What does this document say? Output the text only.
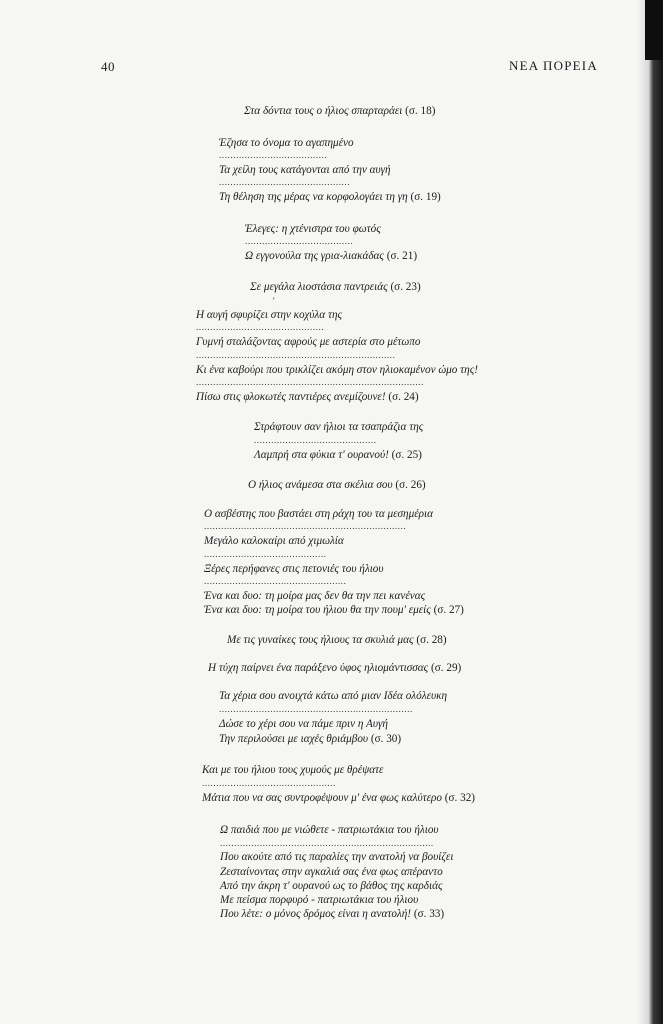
40	ΝΕΑ ΠΟΡΕΙΑ
Στα δόντια τους ο ήλιος σπαρταράει (σ. 18)
Έζησα το όνομα το αγαπημένο
......................................
Τα χείλη τους κατάγονται από την αυγή
..............................................
Τη θέληση της μέρας να κορφολογάει τη γη (σ. 19)
Έλεγες: η χτένιστρα του φωτός
......................................
Ω εγγονούλα της γρια-λιακάδας (σ. 21)
Σε μεγάλα λιοστάσια παντρειάς (σ. 23)
'
Η αυγή σφυρίζει στην κοχύλα της
.............................................
Γυμνή σταλάζοντας αφρούς με αστερία στο μέτωπο
......................................................................
Κι ένα καβούρι που τρικλίζει ακόμη στον ηλιοκαμένον ώμο της!
................................................................................
Πίσω στις φλοκωτές παντιέρες ανεμίζουνε! (σ. 24)
Στράφτουν σαν ήλιοι τα τσαπράζια της
...........................................
Λαμπρή στα φύκια τ' ουρανού! (σ. 25)
Ο ήλιος ανάμεσα στα σκέλια σου (σ. 26)
Ο ασβέστης που βαστάει στη ράχη του τα μεσημέρια
.......................................................................
Μεγάλο καλοκαίρι από χιμωλία
...........................................
Ξέρες περήφανες στις πετονιές του ήλιου
..................................................
Ένα και δυο: τη μοίρα μας δεν θα την πει κανένας
Ένα και δυο: τη μοίρα του ήλιου θα την πουμ' εμείς (σ. 27)
Με τις γυναίκες τους ήλιους τα σκυλιά μας (σ. 28)
Η τύχη παίρνει ένα παράξενο ύφος ηλιομάντισσας (σ. 29)
Τα χέρια σου ανοιχτά κάτω από μιαν Ιδέα ολόλευκη
....................................................................
Δώσε το χέρι σου να πάμε πριν η Αυγή
Την περιλούσει με ιαχές θριάμβου (σ. 30)
Και με του ήλιου τους χυμούς με θρέψατε
...............................................
Μάτια που να σας συντροφέψουν μ' ένα φως καλύτερο (σ. 32)
Ω παιδιά που με νιώθετε - πατριωτάκια του ήλιου
...........................................................................
Που ακούτε από τις παραλίες την ανατολή να βουίζει
Ζεσταίνοντας στην αγκαλιά σας ένα φως απέραντο
Από την άκρη τ' ουρανού ως το βάθος της καρδιάς
Με πείσμα πορφυρό - πατριωτάκια του ήλιου
Που λέτε: ο μόνος δρόμος είναι η ανατολή! (σ. 33)
